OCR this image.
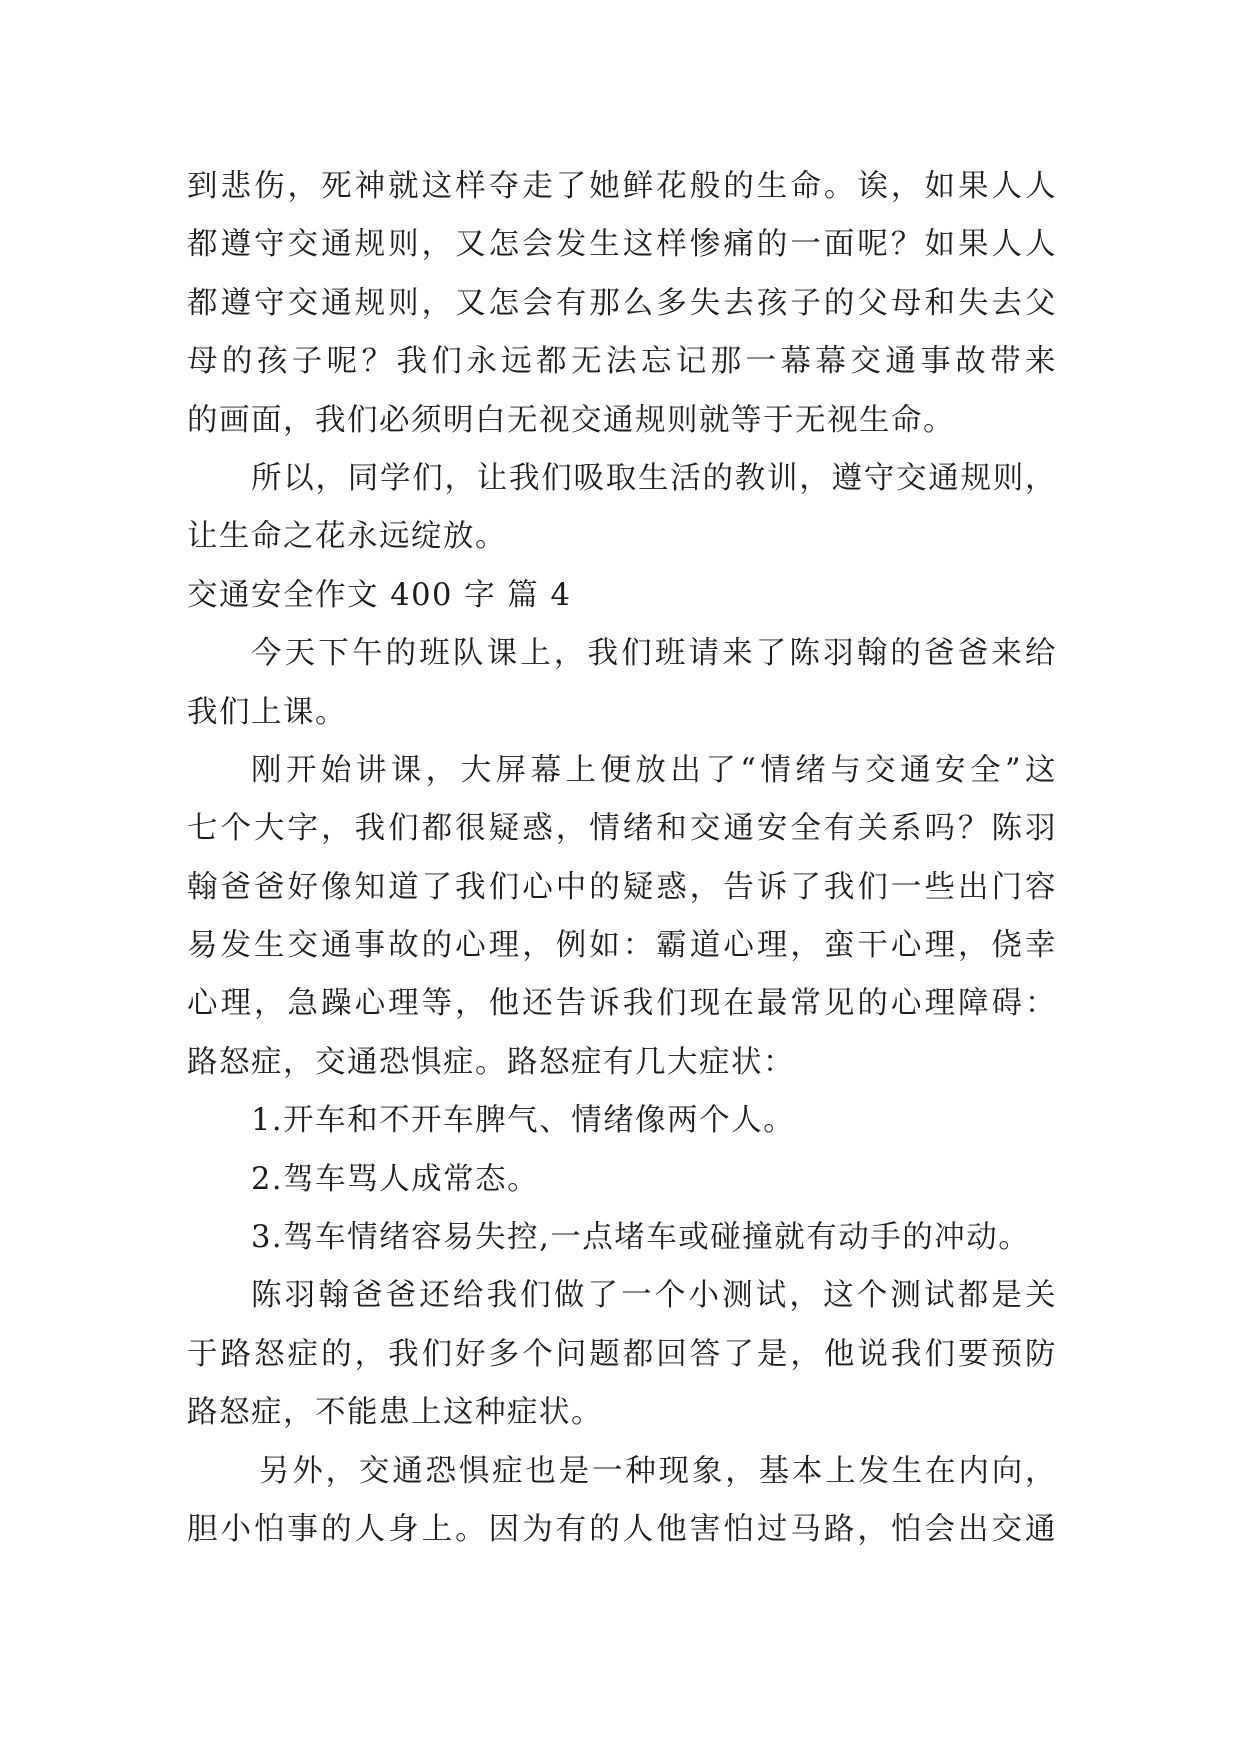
到悲伤，死神就这样夺走了她鲜花般的生命。诶，如果人人
都遵守交通规则，又怎会发生这样惨痛的一面呢？如果人人
都遵守交通规则，又怎会有那么多失去孩子的父母和失去父
母的孩子呢？我们永远都无法忘记那一幕幕交通事故带来
的画面，我们必须明白无视交通规则就等于无视生命。
所以，同学们，让我们吸取生活的教训，遵守交通规则，
让生命之花永远绽放。
交通安全作文 400 字 篇 4
今天下午的班队课上，我们班请来了陈羽翰的爸爸来给
我们上课。
刚开始讲课，大屏幕上便放出了“情绪与交通安全”这
七个大字，我们都很疑惑，情绪和交通安全有关系吗？陈羽
翰爸爸好像知道了我们心中的疑惑，告诉了我们一些出门容
易发生交通事故的心理，例如：霸道心理，蛮干心理，侥幸
心理，急躁心理等，他还告诉我们现在最常见的心理障碍：
路怒症，交通恐惧症。路怒症有几大症状：
1.开车和不开车脾气、情绪像两个人。
2.驾车骂人成常态。
3.驾车情绪容易失控,一点堵车或碰撞就有动手的冲动。
陈羽翰爸爸还给我们做了一个小测试，这个测试都是关
于路怒症的，我们好多个问题都回答了是，他说我们要预防
路怒症，不能患上这种症状。
另外，交通恐惧症也是一种现象，基本上发生在内向，
胆小怕事的人身上。因为有的人他害怕过马路，怕会出交通
